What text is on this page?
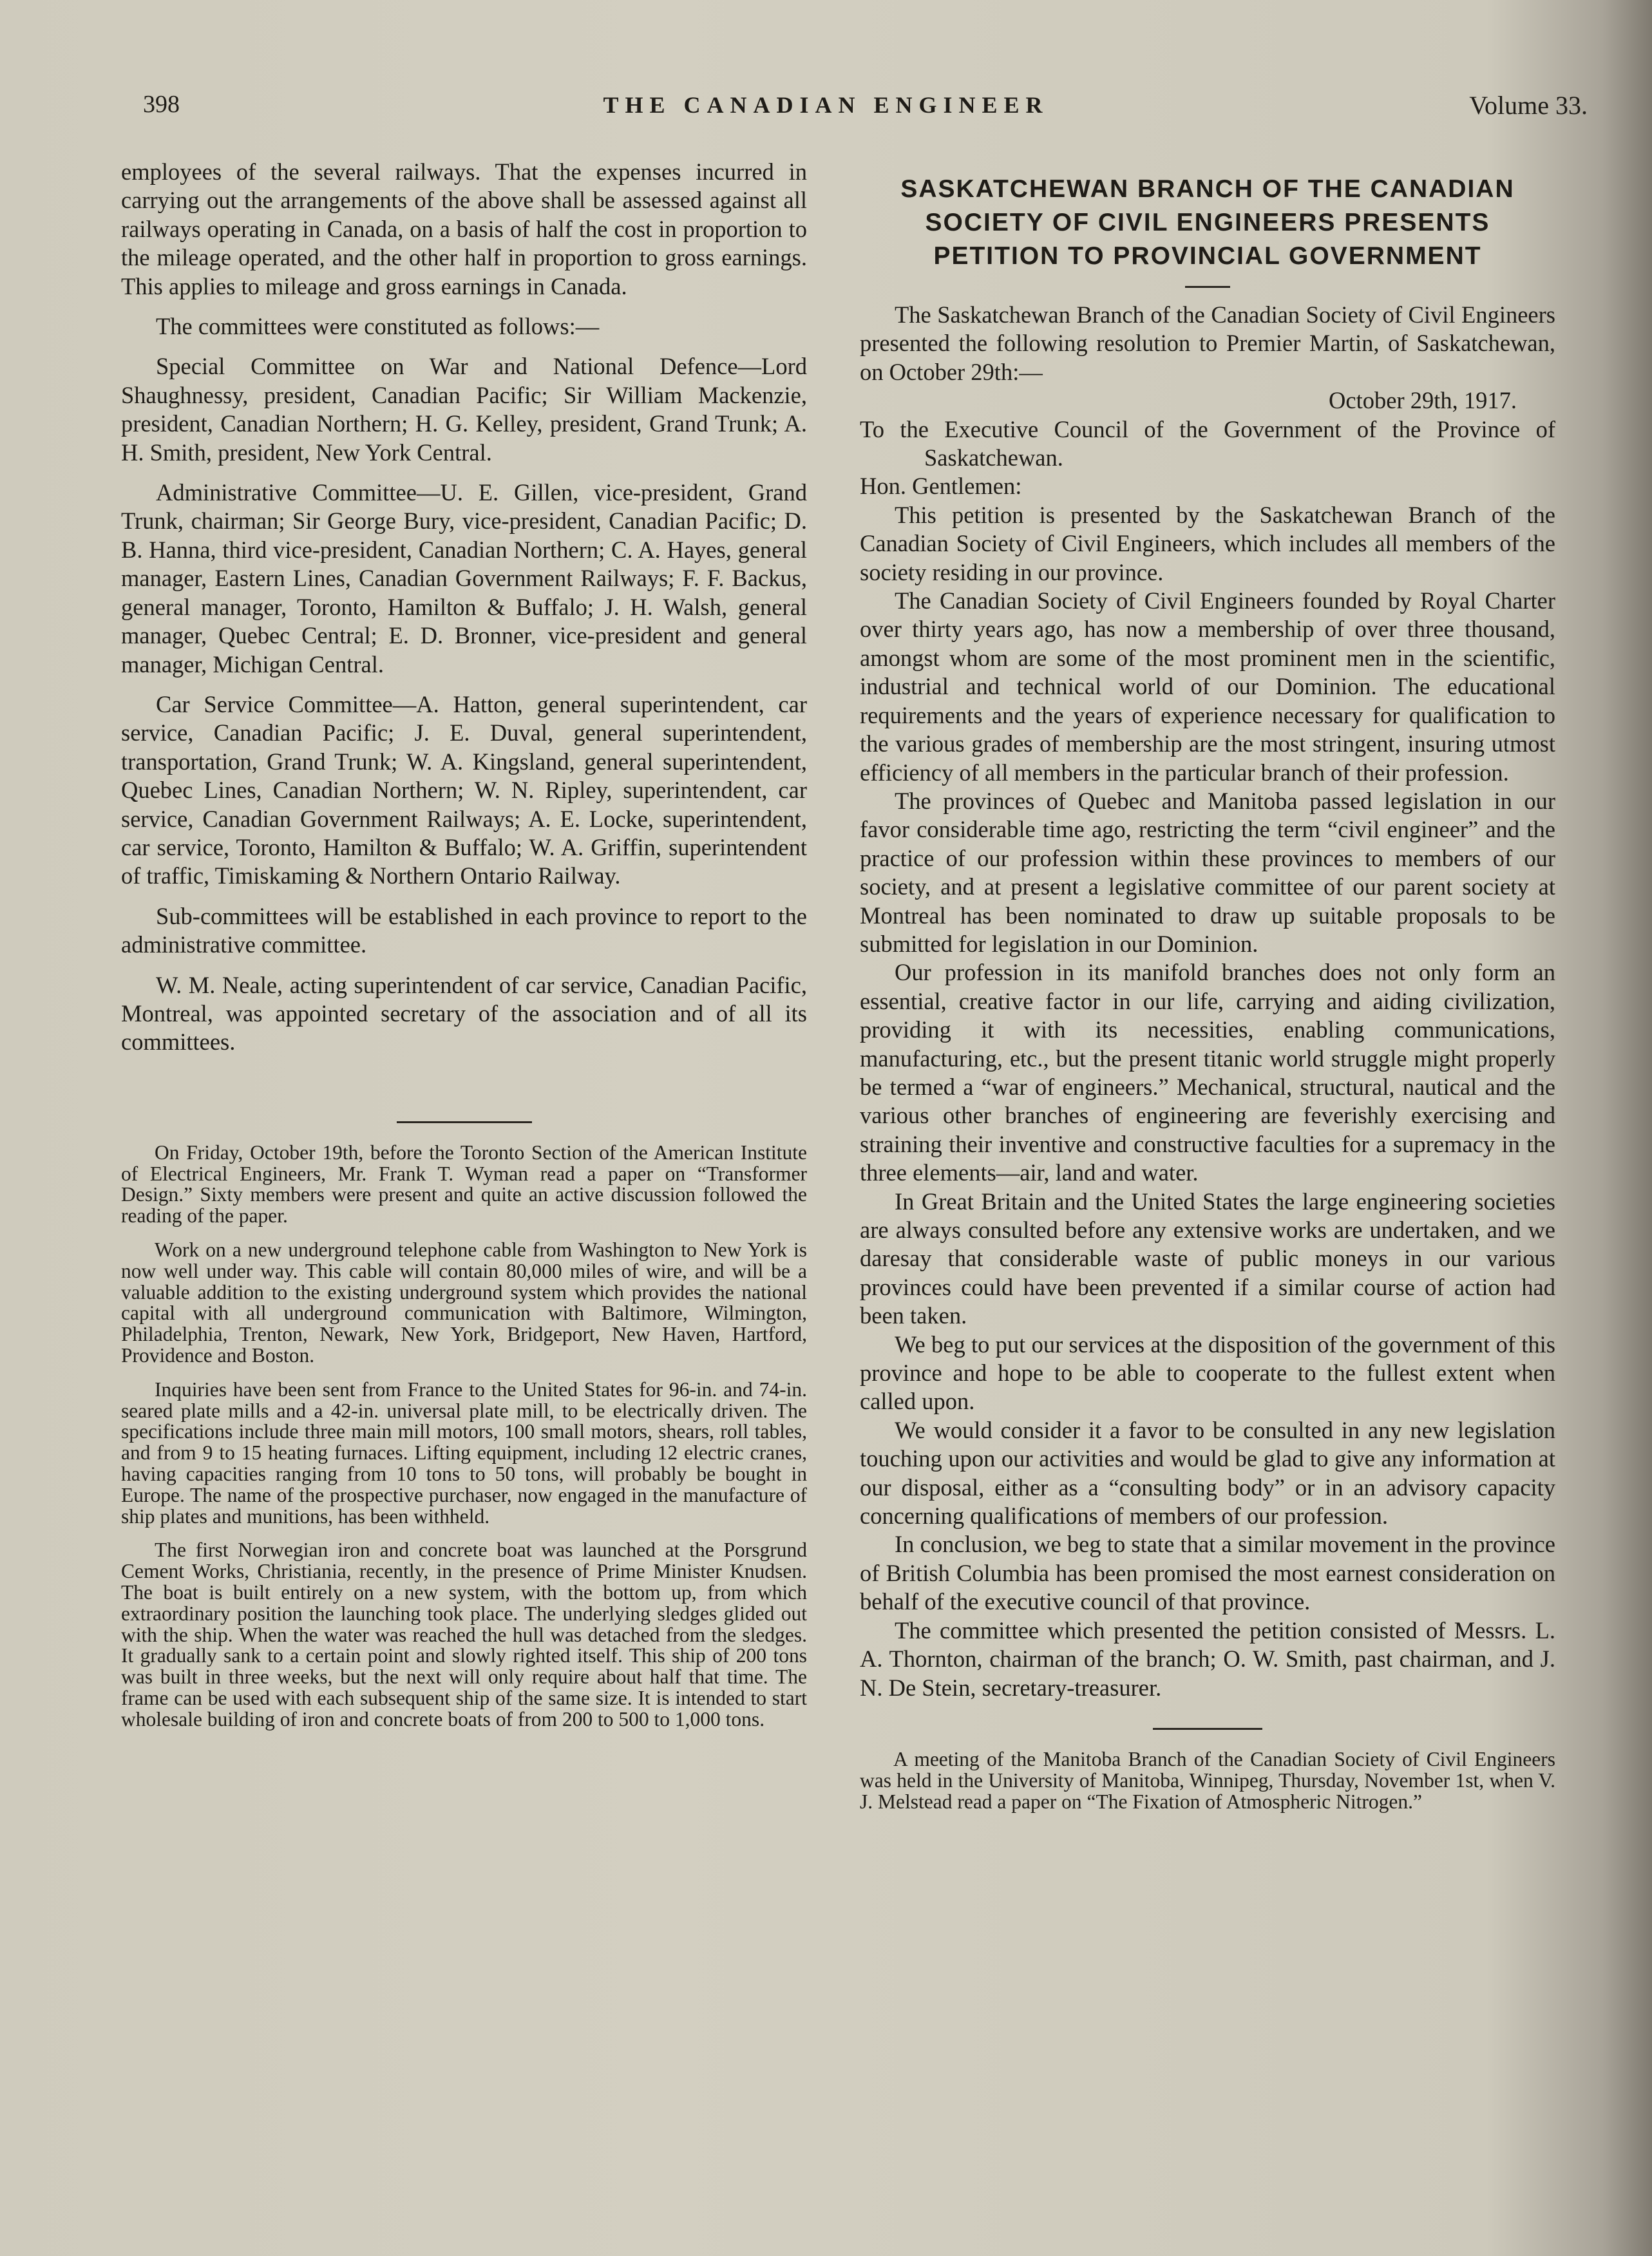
398	THE CANADIAN ENGINEER	Volume 33.

employees of the several railways. That the expenses incurred in carrying out the arrangements of the above shall be assessed against all railways operating in Canada, on a basis of half the cost in proportion to the mileage operated, and the other half in proportion to gross earnings. This applies to mileage and gross earnings in Canada.

The committees were constituted as follows:—

Special Committee on War and National Defence—Lord Shaughnessy, president, Canadian Pacific; Sir William Mackenzie, president, Canadian Northern; H. G. Kelley, president, Grand Trunk; A. H. Smith, president, New York Central.

Administrative Committee—U. E. Gillen, vice-president, Grand Trunk, chairman; Sir George Bury, vice-president, Canadian Pacific; D. B. Hanna, third vice-president, Canadian Northern; C. A. Hayes, general manager, Eastern Lines, Canadian Government Railways; F. F. Backus, general manager, Toronto, Hamilton & Buffalo; J. H. Walsh, general manager, Quebec Central; E. D. Bronner, vice-president and general manager, Michigan Central.

Car Service Committee—A. Hatton, general superintendent, car service, Canadian Pacific; J. E. Duval, general superintendent, transportation, Grand Trunk; W. A. Kingsland, general superintendent, Quebec Lines, Canadian Northern; W. N. Ripley, superintendent, car service, Canadian Government Railways; A. E. Locke, superintendent, car service, Toronto, Hamilton & Buffalo; W. A. Griffin, superintendent of traffic, Timiskaming & Northern Ontario Railway.

Sub-committees will be established in each province to report to the administrative committee.

W. M. Neale, acting superintendent of car service, Canadian Pacific, Montreal, was appointed secretary of the association and of all its committees.

On Friday, October 19th, before the Toronto Section of the American Institute of Electrical Engineers, Mr. Frank T. Wyman read a paper on “Transformer Design.” Sixty members were present and quite an active discussion followed the reading of the paper.

Work on a new underground telephone cable from Washington to New York is now well under way. This cable will contain 80,000 miles of wire, and will be a valuable addition to the existing underground system which provides the national capital with all underground communication with Baltimore, Wilmington, Philadelphia, Trenton, Newark, New York, Bridgeport, New Haven, Hartford, Providence and Boston.

Inquiries have been sent from France to the United States for 96-in. and 74-in. seared plate mills and a 42-in. universal plate mill, to be electrically driven. The specifications include three main mill motors, 100 small motors, shears, roll tables, and from 9 to 15 heating furnaces. Lifting equipment, including 12 electric cranes, having capacities ranging from 10 tons to 50 tons, will probably be bought in Europe. The name of the prospective purchaser, now engaged in the manufacture of ship plates and munitions, has been withheld.

The first Norwegian iron and concrete boat was launched at the Porsgrund Cement Works, Christiania, recently, in the presence of Prime Minister Knudsen. The boat is built entirely on a new system, with the bottom up, from which extraordinary position the launching took place. The underlying sledges glided out with the ship. When the water was reached the hull was detached from the sledges. It gradually sank to a certain point and slowly righted itself. This ship of 200 tons was built in three weeks, but the next will only require about half that time. The frame can be used with each subsequent ship of the same size. It is intended to start wholesale building of iron and concrete boats of from 200 to 500 to 1,000 tons.

SASKATCHEWAN BRANCH OF THE CANADIAN SOCIETY OF CIVIL ENGINEERS PRESENTS PETITION TO PROVINCIAL GOVERNMENT

The Saskatchewan Branch of the Canadian Society of Civil Engineers presented the following resolution to Premier Martin, of Saskatchewan, on October 29th:—

October 29th, 1917.

To the Executive Council of the Government of the Province of Saskatchewan.

Hon. Gentlemen:

This petition is presented by the Saskatchewan Branch of the Canadian Society of Civil Engineers, which includes all members of the society residing in our province.

The Canadian Society of Civil Engineers founded by Royal Charter over thirty years ago, has now a membership of over three thousand, amongst whom are some of the most prominent men in the scientific, industrial and technical world of our Dominion. The educational requirements and the years of experience necessary for qualification to the various grades of membership are the most stringent, insuring utmost efficiency of all members in the particular branch of their profession.

The provinces of Quebec and Manitoba passed legislation in our favor considerable time ago, restricting the term “civil engineer” and the practice of our profession within these provinces to members of our society, and at present a legislative committee of our parent society at Montreal has been nominated to draw up suitable proposals to be submitted for legislation in our Dominion.

Our profession in its manifold branches does not only form an essential, creative factor in our life, carrying and aiding civilization, providing it with its necessities, enabling communications, manufacturing, etc., but the present titanic world struggle might properly be termed a “war of engineers.” Mechanical, structural, nautical and the various other branches of engineering are feverishly exercising and straining their inventive and constructive faculties for a supremacy in the three elements—air, land and water.

In Great Britain and the United States the large engineering societies are always consulted before any extensive works are undertaken, and we daresay that considerable waste of public moneys in our various provinces could have been prevented if a similar course of action had been taken.

We beg to put our services at the disposition of the government of this province and hope to be able to cooperate to the fullest extent when called upon.

We would consider it a favor to be consulted in any new legislation touching upon our activities and would be glad to give any information at our disposal, either as a “consulting body” or in an advisory capacity concerning qualifications of members of our profession.

In conclusion, we beg to state that a similar movement in the province of British Columbia has been promised the most earnest consideration on behalf of the executive council of that province.

The committee which presented the petition consisted of Messrs. L. A. Thornton, chairman of the branch; O. W. Smith, past chairman, and J. N. De Stein, secretary-treasurer.

A meeting of the Manitoba Branch of the Canadian Society of Civil Engineers was held in the University of Manitoba, Winnipeg, Thursday, November 1st, when V. J. Melstead read a paper on “The Fixation of Atmospheric Nitrogen.”
